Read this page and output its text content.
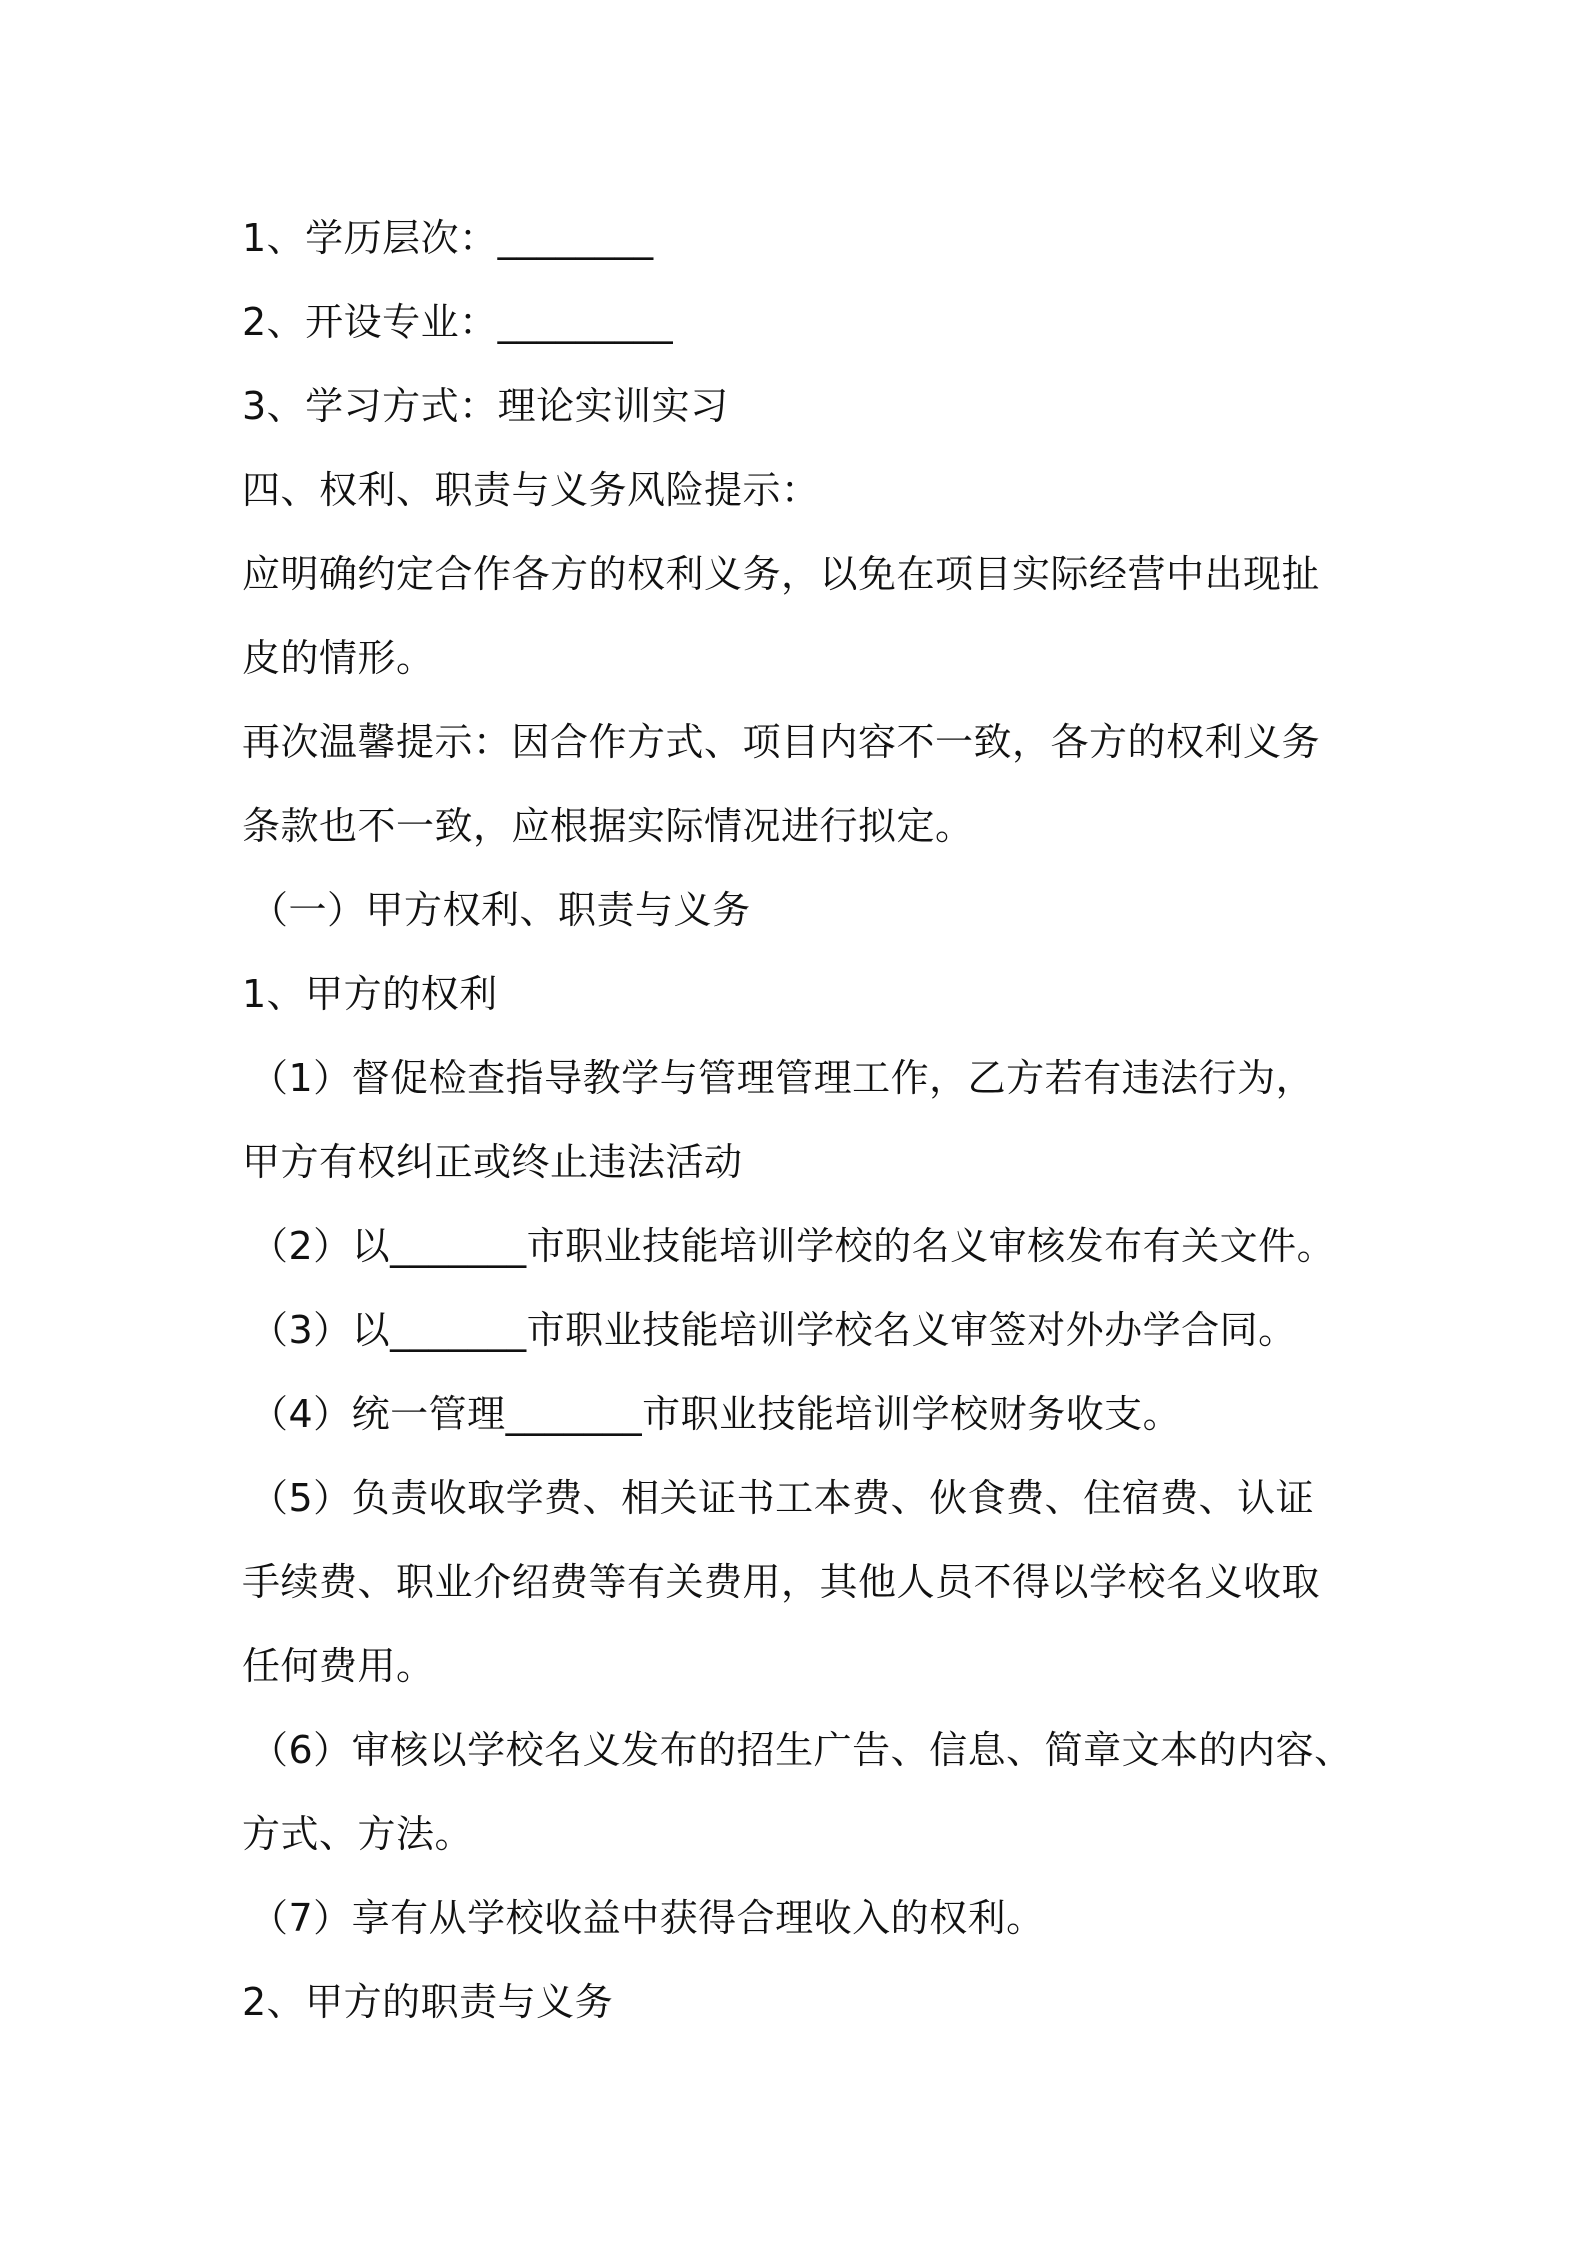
1、学历层次：________

2、开设专业：_________

3、学习方式：理论实训实习

四、权利、职责与义务风险提示：

应明确约定合作各方的权利义务，以免在项目实际经营中出现扯

皮的情形。

再次温馨提示：因合作方式、项目内容不一致，各方的权利义务

条款也不一致，应根据实际情况进行拟定。

（一）甲方权利、职责与义务

1、甲方的权利

（1）督促检查指导教学与管理管理工作，乙方若有违法行为，

甲方有权纠正或终止违法活动

（2）以_______市职业技能培训学校的名义审核发布有关文件。

（3）以_______市职业技能培训学校名义审签对外办学合同。

（4）统一管理_______市职业技能培训学校财务收支。

（5）负责收取学费、相关证书工本费、伙食费、住宿费、认证

手续费、职业介绍费等有关费用，其他人员不得以学校名义收取

任何费用。

（6）审核以学校名义发布的招生广告、信息、简章文本的内容、

方式、方法。

（7）享有从学校收益中获得合理收入的权利。

2、甲方的职责与义务
